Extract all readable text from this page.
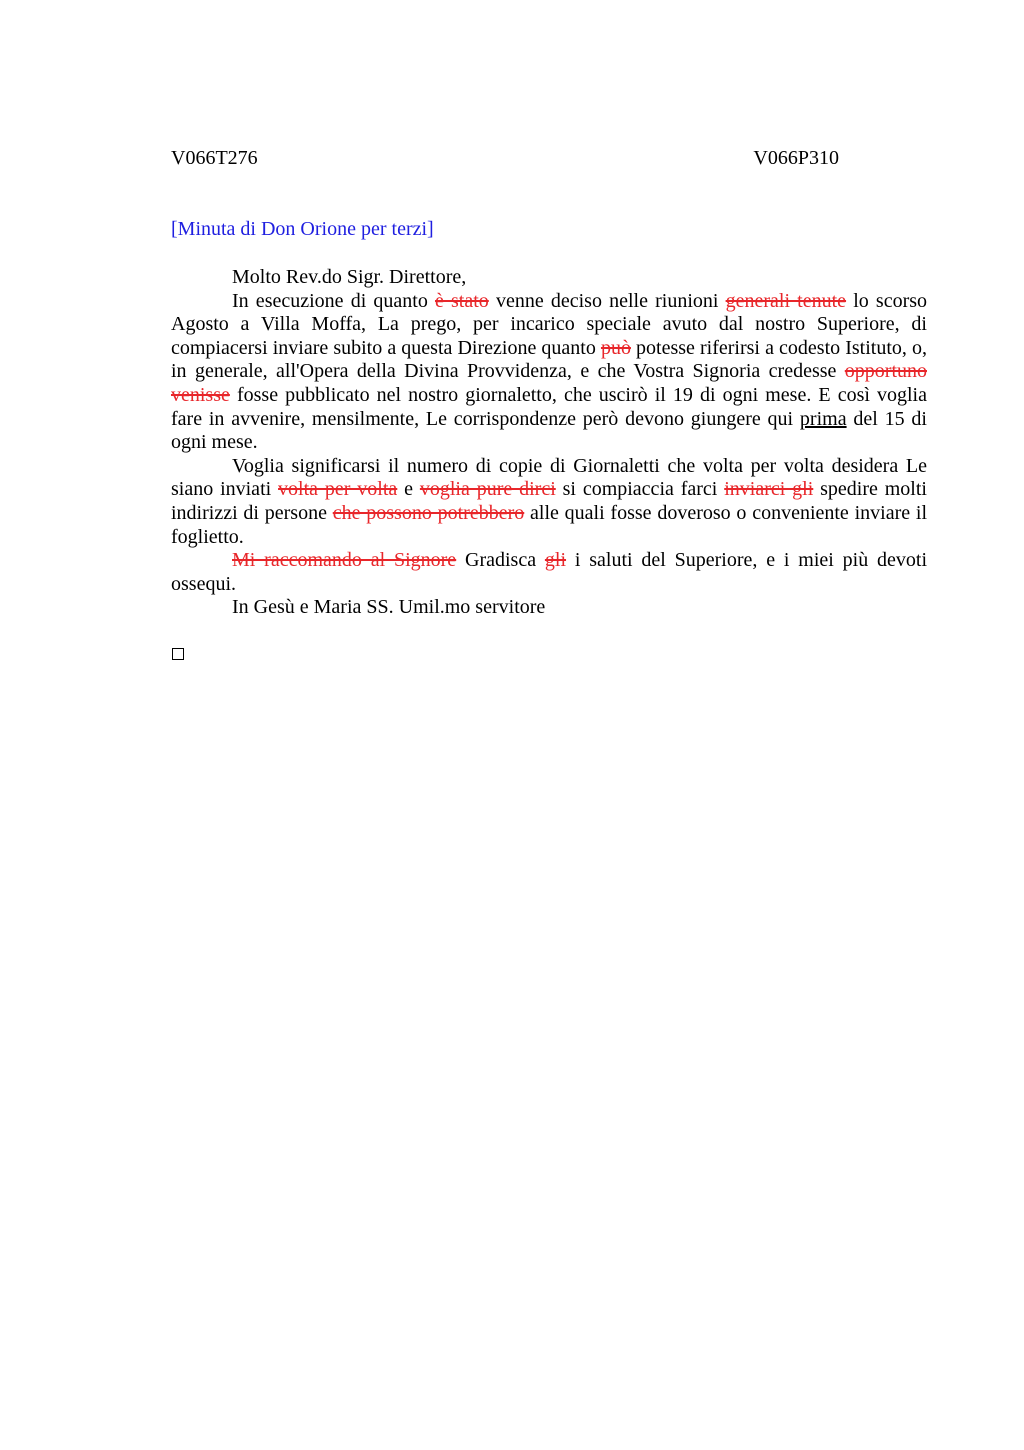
V066T276	V066P310
[Minuta di Don Orione per terzi]

Molto Rev.do Sigr. Direttore,

In esecuzione di quanto è stato venne deciso nelle riunioni generali tenute lo scorso Agosto a Villa Moffa, La prego, per incarico speciale avuto dal nostro Superiore, di compiacersi inviare subito a questa Direzione quanto può potesse riferirsi a codesto Istituto, o, in generale, all'Opera della Divina Provvidenza, e che Vostra Signoria credesse opportuno venisse fosse pubblicato nel nostro giornaletto, che uscirò il 19 di ogni mese. E così voglia fare in avvenire, mensilmente, Le corrispondenze però devono giungere qui prima del 15 di ogni mese.

Voglia significarsi il numero di copie di Giornaletti che volta per volta desidera Le siano inviati volta per volta e voglia pure dirci si compiaccia farci inviarci gli spedire molti indirizzi di persone che possono potrebbero alle quali fosse doveroso o conveniente inviare il foglietto.

Mi raccomando al Signore Gradisca gli i saluti del Superiore, e i miei più devoti ossequi.

In Gesù e Maria SS. Umil.mo servitore
